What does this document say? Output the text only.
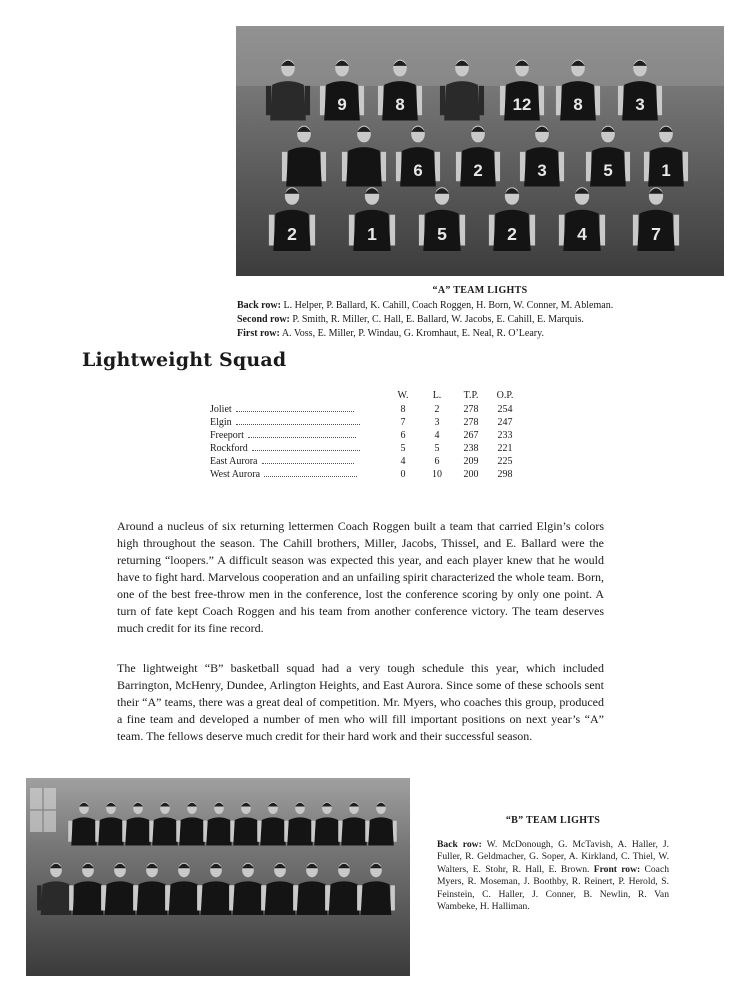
9	8	12 8	3
6	2	3	5	1
2	1	5	2	4	7
“A” TEAM LIGHTS
Back row: L. Helper, P. Ballard, K. Cahill, Coach Roggen, H. Born, W. Conner, M. Ableman.
Second row: P. Smith, R. Miller, C. Hall, E. Ballard, W. Jacobs, E. Cahill, E. Marquis.
First row: A. Voss, E. Miller, P. Windau, G. Kromhaut, E. Neal, R. O’Leary.
Lightweight Squad
	W.	L.	T.P.	O.P.
Joliet	8	2	278	254
Elgin	7	3	278	247
Freeport	6	4	267	233
Rockford	5	5	238	221
East Aurora	4	6	209	225
West Aurora	0	10	200	298
Around a nucleus of six returning lettermen Coach Roggen built a team that carried Elgin’s colors high throughout the season. The Cahill brothers, Miller, Jacobs, Thissel, and E. Ballard were the returning “loopers.” A difficult season was expected this year, and each player knew that he would have to fight hard. Marvelous cooperation and an unfailing spirit characterized the whole team. Born, one of the best free-throw men in the conference, lost the conference scoring by only one point. A turn of fate kept Coach Roggen and his team from another conference victory. The team deserves much credit for its fine record.
The lightweight “B” basketball squad had a very tough schedule this year, which included Barrington, McHenry, Dundee, Arlington Heights, and East Aurora. Since some of these schools sent their “A” teams, there was a great deal of competition. Mr. Myers, who coaches this group, produced a fine team and developed a number of men who will fill important positions on next year’s “A” team. The fellows deserve much credit for their hard work and their successful season.
“B” TEAM LIGHTS
Back row: W. McDonough, G. McTavish, A. Haller, J. Fuller, R. Geldmacher, G. Soper, A. Kirkland, C. Thiel, W. Walters, E. Stohr, R. Hall, E. Brown. Front row: Coach Myers, R. Moseman, J. Boothby, R. Reinert, P. Herold, S. Feinstein, C. Haller, J. Conner, B. Newlin, R. Van Wambeke, H. Halliman.
